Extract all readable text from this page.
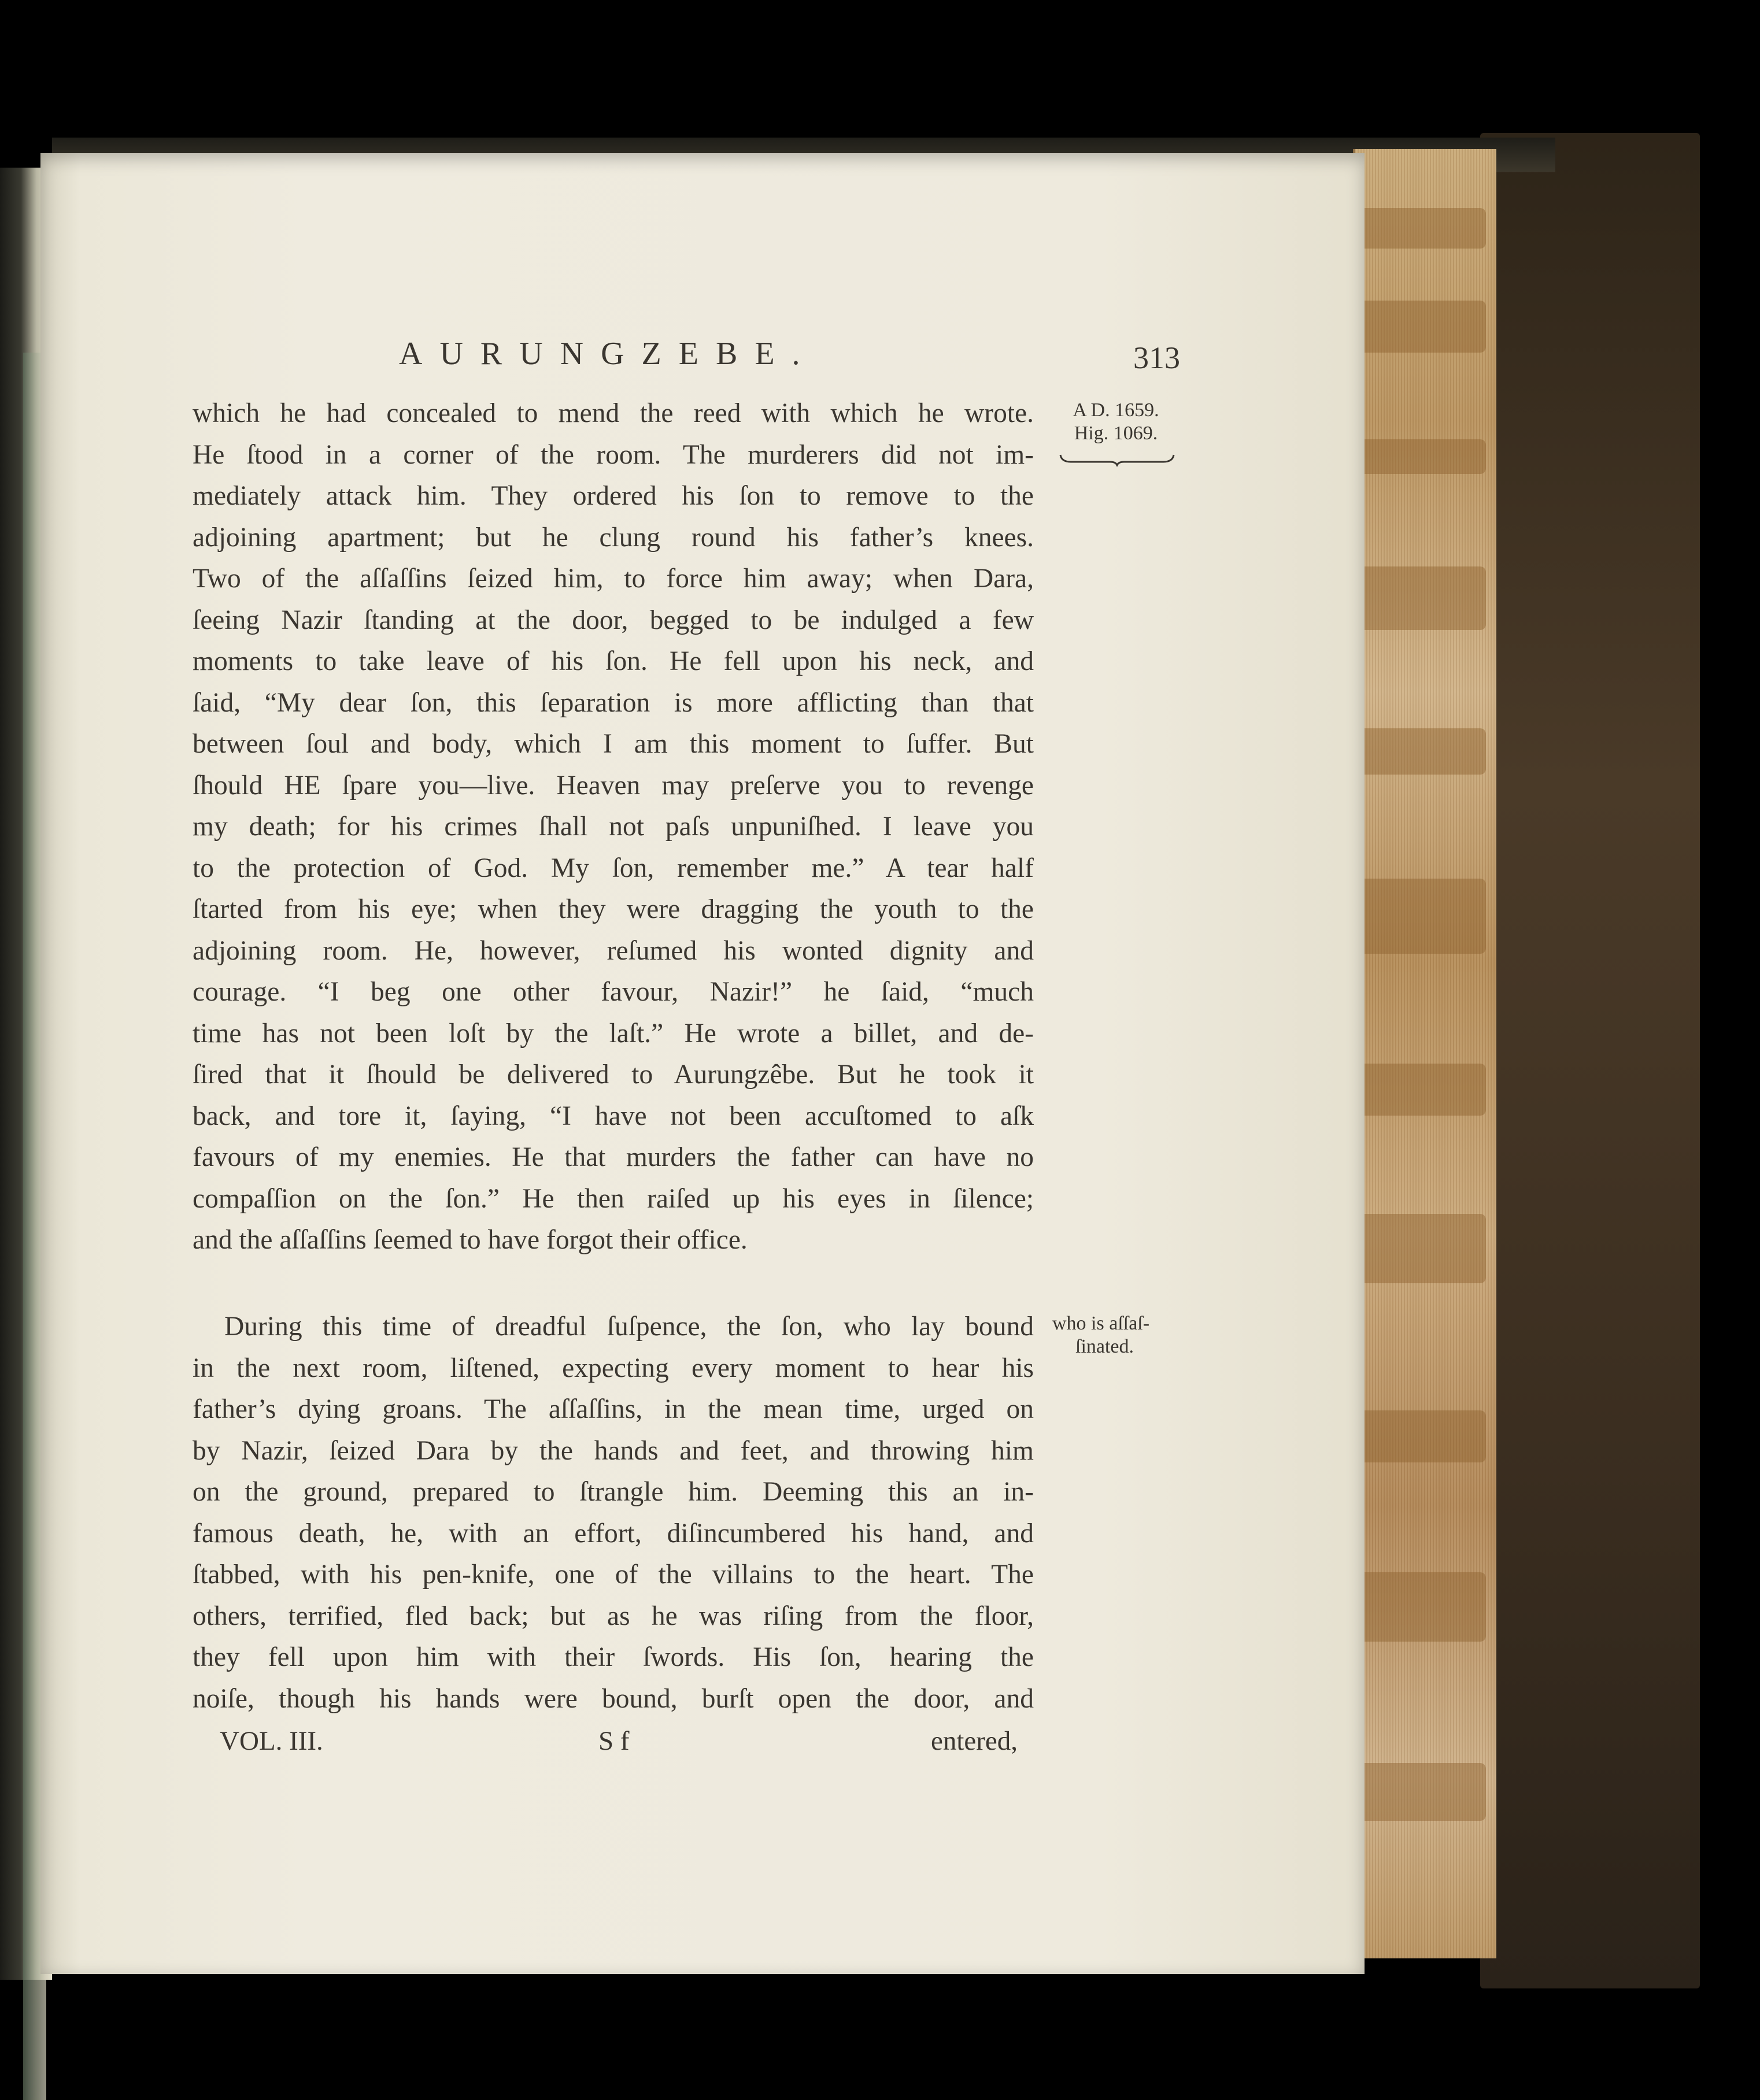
AURUNGZEBE.	313
A D. 1659.
Hig. 1069.
who is aſſaſ-
ſinated.
which he had concealed to mend the reed with which he wrote.
He ſtood in a corner of the room. The murderers did not im-
mediately attack him. They ordered his ſon to remove to the
adjoining apartment; but he clung round his father’s knees.
Two of the aſſaſſins ſeized him, to force him away; when Dara,
ſeeing Nazir ſtanding at the door, begged to be indulged a few
moments to take leave of his ſon. He fell upon his neck, and
ſaid, “My dear ſon, this ſeparation is more afflicting than that
between ſoul and body, which I am this moment to ſuffer. But
ſhould HE ſpare you—live. Heaven may preſerve you to revenge
my death; for his crimes ſhall not paſs unpuniſhed. I leave you
to the protection of God. My ſon, remember me.” A tear half
ſtarted from his eye; when they were dragging the youth to the
adjoining room. He, however, reſumed his wonted dignity and
courage. “I beg one other favour, Nazir!” he ſaid, “much
time has not been loſt by the laſt.” He wrote a billet, and de-
ſired that it ſhould be delivered to Aurungzêbe. But he took it
back, and tore it, ſaying, “I have not been accuſtomed to aſk
favours of my enemies. He that murders the father can have no
compaſſion on the ſon.” He then raiſed up his eyes in ſilence;
and the aſſaſſins ſeemed to have forgot their office.
During this time of dreadful ſuſpence, the ſon, who lay bound
in the next room, liſtened, expecting every moment to hear his
father’s dying groans. The aſſaſſins, in the mean time, urged on
by Nazir, ſeized Dara by the hands and feet, and throwing him
on the ground, prepared to ſtrangle him. Deeming this an in-
famous death, he, with an effort, diſincumbered his hand, and
ſtabbed, with his pen-knife, one of the villains to the heart. The
others, terrified, fled back; but as he was riſing from the floor,
they fell upon him with their ſwords. His ſon, hearing the
noiſe, though his hands were bound, burſt open the door, and
VOL. III.	S f	entered,
